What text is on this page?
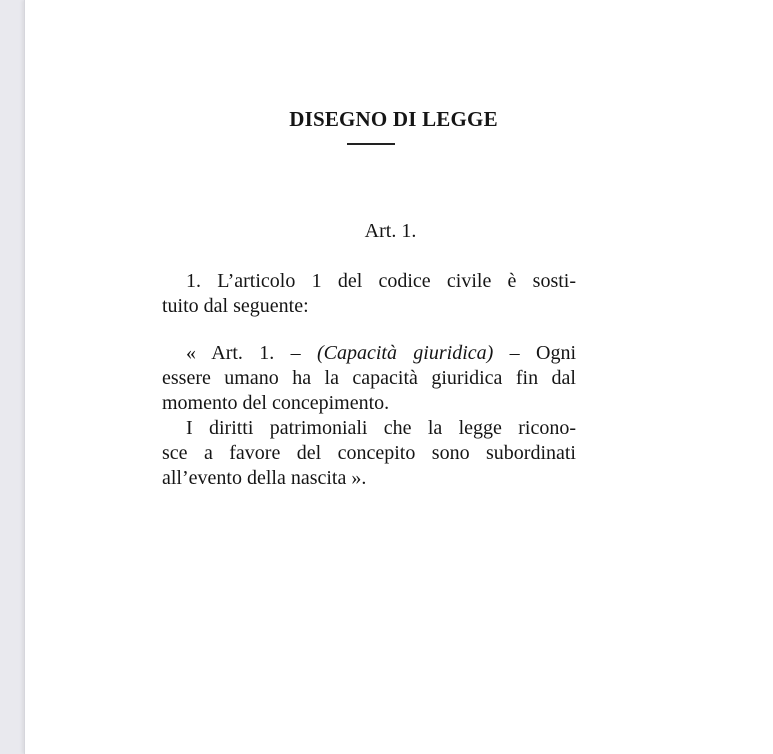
DISEGNO DI LEGGE
Art. 1.
1. L’articolo 1 del codice civile è sosti-
tuito dal seguente:
« Art. 1. – (Capacità giuridica) – Ogni
essere umano ha la capacità giuridica fin dal
momento del concepimento.
I diritti patrimoniali che la legge ricono-
sce a favore del concepito sono subordinati
all’evento della nascita ».
